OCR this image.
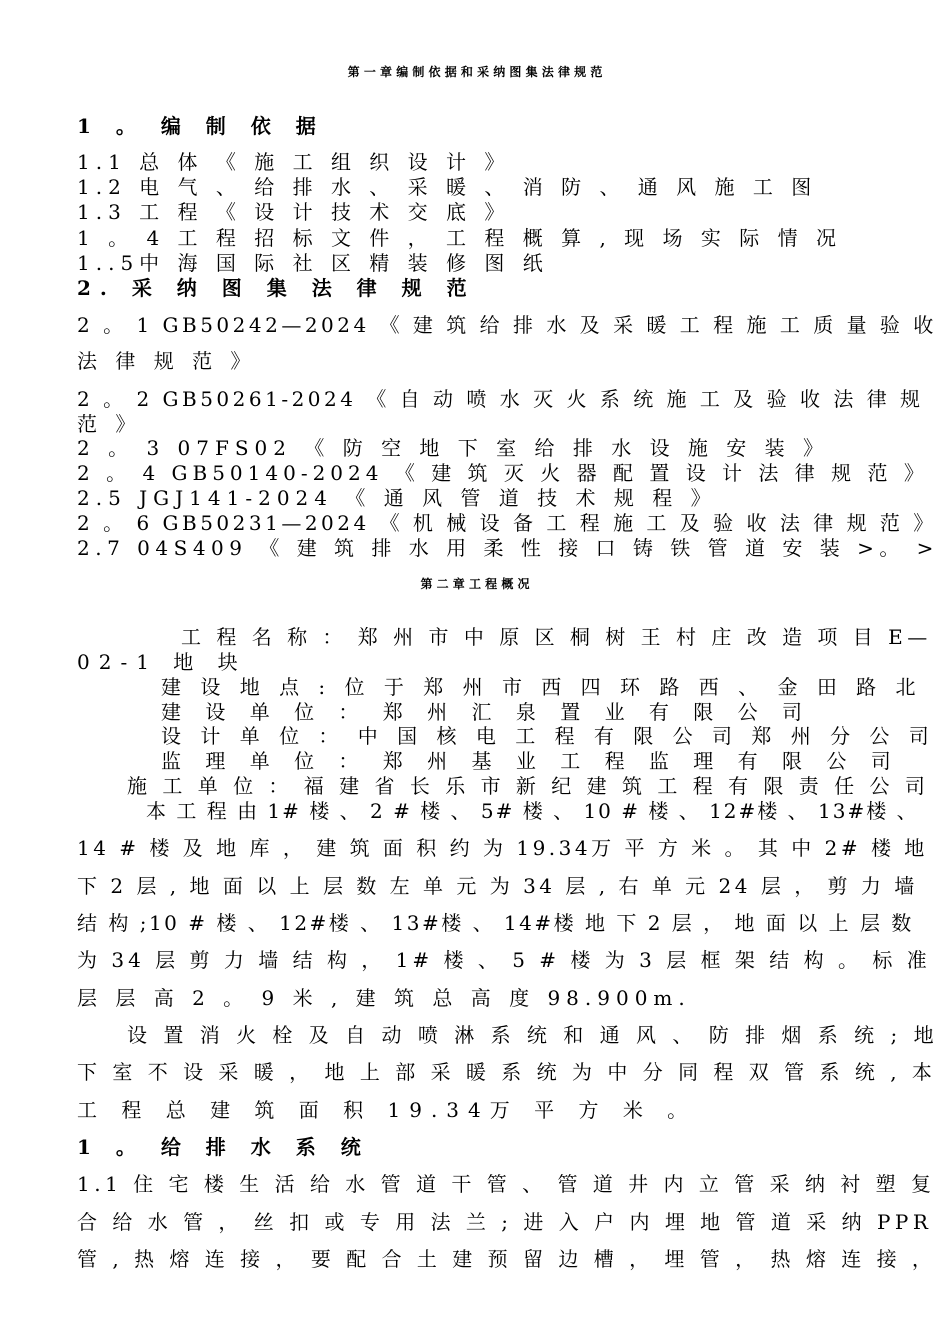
第 一 章 编 制 依 据 和 采 纳 图 集 法 律 规 范
1 。 编 制 依 据
1.1 总 体 《 施 工 组 织 设 计 》
1.2 电 气 、 给 排 水 、 采 暖 、 消 防 、 通 风 施 工 图
1.3 工 程 《 设 计 技 术 交 底 》
1 。 4 工 程 招 标 文 件 ， 工 程 概 算 , 现 场 实 际 情 况
1..5中 海 国 际 社 区 精 装 修 图 纸
2. 采 纳 图 集 法 律 规 范
2 。 1 GB50242—2024 《 建 筑 给 排 水 及 采 暖 工 程 施 工 质 量 验 收
法 律 规 范 》
2 。 2 GB50261-2024 《 自 动 喷 水 灭 火 系 统 施 工 及 验 收 法 律 规
范 》
2 。 3 07FS02 《 防 空 地 下 室 给 排 水 设 施 安 装 》
2 。 4 GB50140-2024 《 建 筑 灭 火 器 配 置 设 计 法 律 规 范 》
2.5 JGJ141-2024 《 通 风 管 道 技 术 规 程 》
2 。 6 GB50231—2024 《 机 械 设 备 工 程 施 工 及 验 收 法 律 规 范 》
2.7 04S409 《 建 筑 排 水 用 柔 性 接 口 铸 铁 管 道 安 装 >。 >
第 二 章 工 程 概 况
工 程 名 称 ： 郑 州 市 中 原 区 桐 树 王 村 庄 改 造 项 目 E—
02-1 地 块
建 设 地 点 : 位 于 郑 州 市 西 四 环 路 西 、 金 田 路 北
建 设 单 位 ： 郑 州 汇 泉 置 业 有 限 公 司
设 计 单 位 ： 中 国 核 电 工 程 有 限 公 司 郑 州 分 公 司
监 理 单 位 ： 郑 州 基 业 工 程 监 理 有 限 公 司
施 工 单 位 ： 福 建 省 长 乐 市 新 纪 建 筑 工 程 有 限 责 任 公 司
本 工 程 由 1# 楼 、 2 # 楼 、 5# 楼 、 10 # 楼 、 12#楼 、 13#楼 、
14 # 楼 及 地 库 ， 建 筑 面 积 约 为 19.34万 平 方 米 。 其 中 2# 楼 地
下 2 层 , 地 面 以 上 层 数 左 单 元 为 34 层 , 右 单 元 24 层 ， 剪 力 墙
结 构 ;10 # 楼 、 12#楼 、 13#楼 、 14#楼 地 下 2 层 ， 地 面 以 上 层 数
为 34 层 剪 力 墙 结 构 ， 1# 楼 、 5 # 楼 为 3 层 框 架 结 构 。 标 准
层 层 高 2 。 9 米 , 建 筑 总 高 度 98.900m.
设 置 消 火 栓 及 自 动 喷 淋 系 统 和 通 风 、 防 排 烟 系 统 ; 地
下 室 不 设 采 暖 ， 地 上 部 采 暖 系 统 为 中 分 同 程 双 管 系 统 , 本
工 程 总 建 筑 面 积 19.34万 平 方 米 。
1 。 给 排 水 系 统
1.1 住 宅 楼 生 活 给 水 管 道 干 管 、 管 道 井 内 立 管 采 纳 衬 塑 复
合 给 水 管 ， 丝 扣 或 专 用 法 兰 ; 进 入 户 内 埋 地 管 道 采 纳 PPR
管 , 热 熔 连 接 ， 要 配 合 土 建 预 留 边 槽 ， 埋 管 ， 热 熔 连 接 ，
